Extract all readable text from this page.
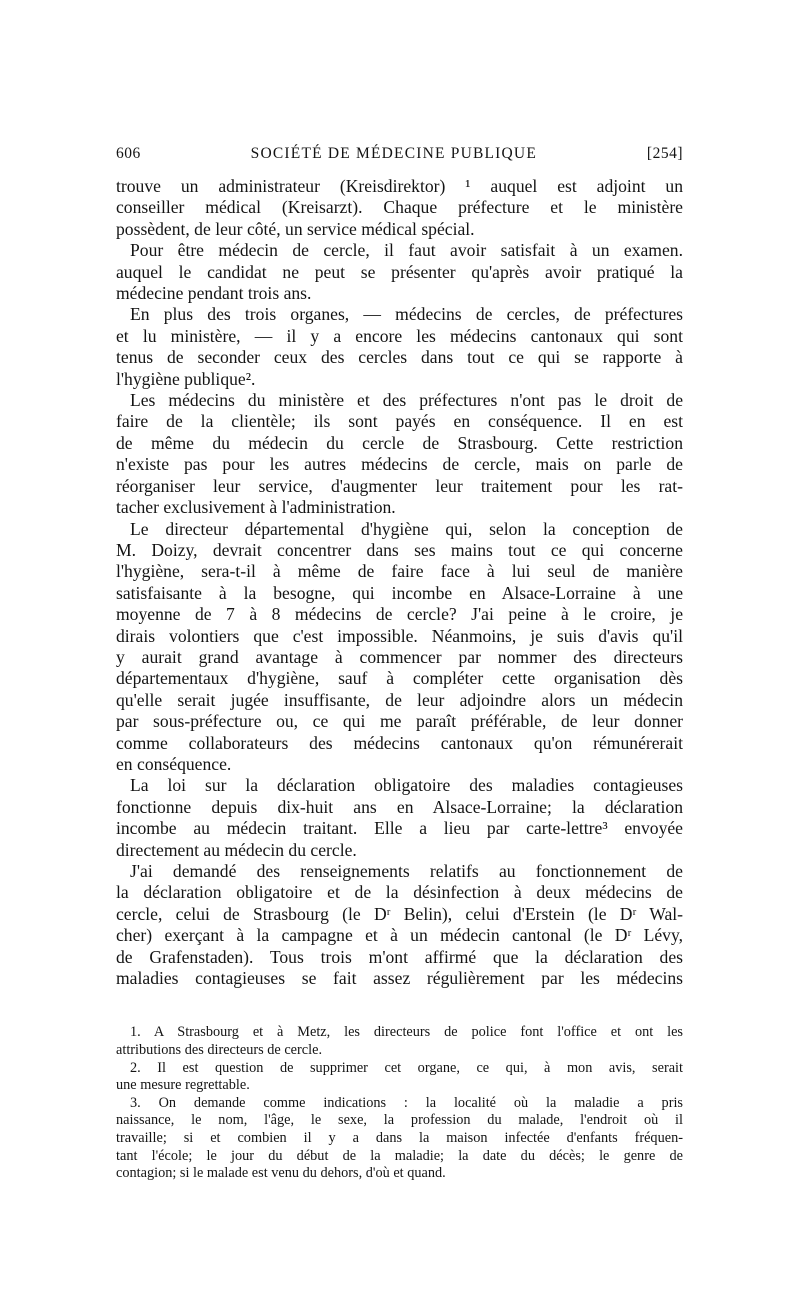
606	SOCIÉTÉ DE MÉDECINE PUBLIQUE	[254]
trouve un administrateur (Kreisdirektor) ¹ auquel est adjoint un
conseiller médical (Kreisarzt). Chaque préfecture et le ministère
possèdent, de leur côté, un service médical spécial.
Pour être médecin de cercle, il faut avoir satisfait à un examen.
auquel le candidat ne peut se présenter qu'après avoir pratiqué la
médecine pendant trois ans.
En plus des trois organes, — médecins de cercles, de préfectures
et lu ministère, — il y a encore les médecins cantonaux qui sont
tenus de seconder ceux des cercles dans tout ce qui se rapporte à
l'hygiène publique².
Les médecins du ministère et des préfectures n'ont pas le droit de
faire de la clientèle; ils sont payés en conséquence. Il en est
de même du médecin du cercle de Strasbourg. Cette restriction
n'existe pas pour les autres médecins de cercle, mais on parle de
réorganiser leur service, d'augmenter leur traitement pour les rat-
tacher exclusivement à l'administration.
Le directeur départemental d'hygiène qui, selon la conception de
M. Doizy, devrait concentrer dans ses mains tout ce qui concerne
l'hygiène, sera-t-il à même de faire face à lui seul de manière
satisfaisante à la besogne, qui incombe en Alsace-Lorraine à une
moyenne de 7 à 8 médecins de cercle? J'ai peine à le croire, je
dirais volontiers que c'est impossible. Néanmoins, je suis d'avis qu'il
y aurait grand avantage à commencer par nommer des directeurs
départementaux d'hygiène, sauf à compléter cette organisation dès
qu'elle serait jugée insuffisante, de leur adjoindre alors un médecin
par sous-préfecture ou, ce qui me paraît préférable, de leur donner
comme collaborateurs des médecins cantonaux qu'on rémunérerait
en conséquence.
La loi sur la déclaration obligatoire des maladies contagieuses
fonctionne depuis dix-huit ans en Alsace-Lorraine; la déclaration
incombe au médecin traitant. Elle a lieu par carte-lettre³ envoyée
directement au médecin du cercle.
J'ai demandé des renseignements relatifs au fonctionnement de
la déclaration obligatoire et de la désinfection à deux médecins de
cercle, celui de Strasbourg (le Dʳ Belin), celui d'Erstein (le Dʳ Wal-
cher) exerçant à la campagne et à un médecin cantonal (le Dʳ Lévy,
de Grafenstaden). Tous trois m'ont affirmé que la déclaration des
maladies contagieuses se fait assez régulièrement par les médecins
1. A Strasbourg et à Metz, les directeurs de police font l'office et ont les
attributions des directeurs de cercle.
2. Il est question de supprimer cet organe, ce qui, à mon avis, serait
une mesure regrettable.
3. On demande comme indications : la localité où la maladie a pris
naissance, le nom, l'âge, le sexe, la profession du malade, l'endroit où il
travaille; si et combien il y a dans la maison infectée d'enfants fréquen-
tant l'école; le jour du début de la maladie; la date du décès; le genre de
contagion; si le malade est venu du dehors, d'où et quand.
